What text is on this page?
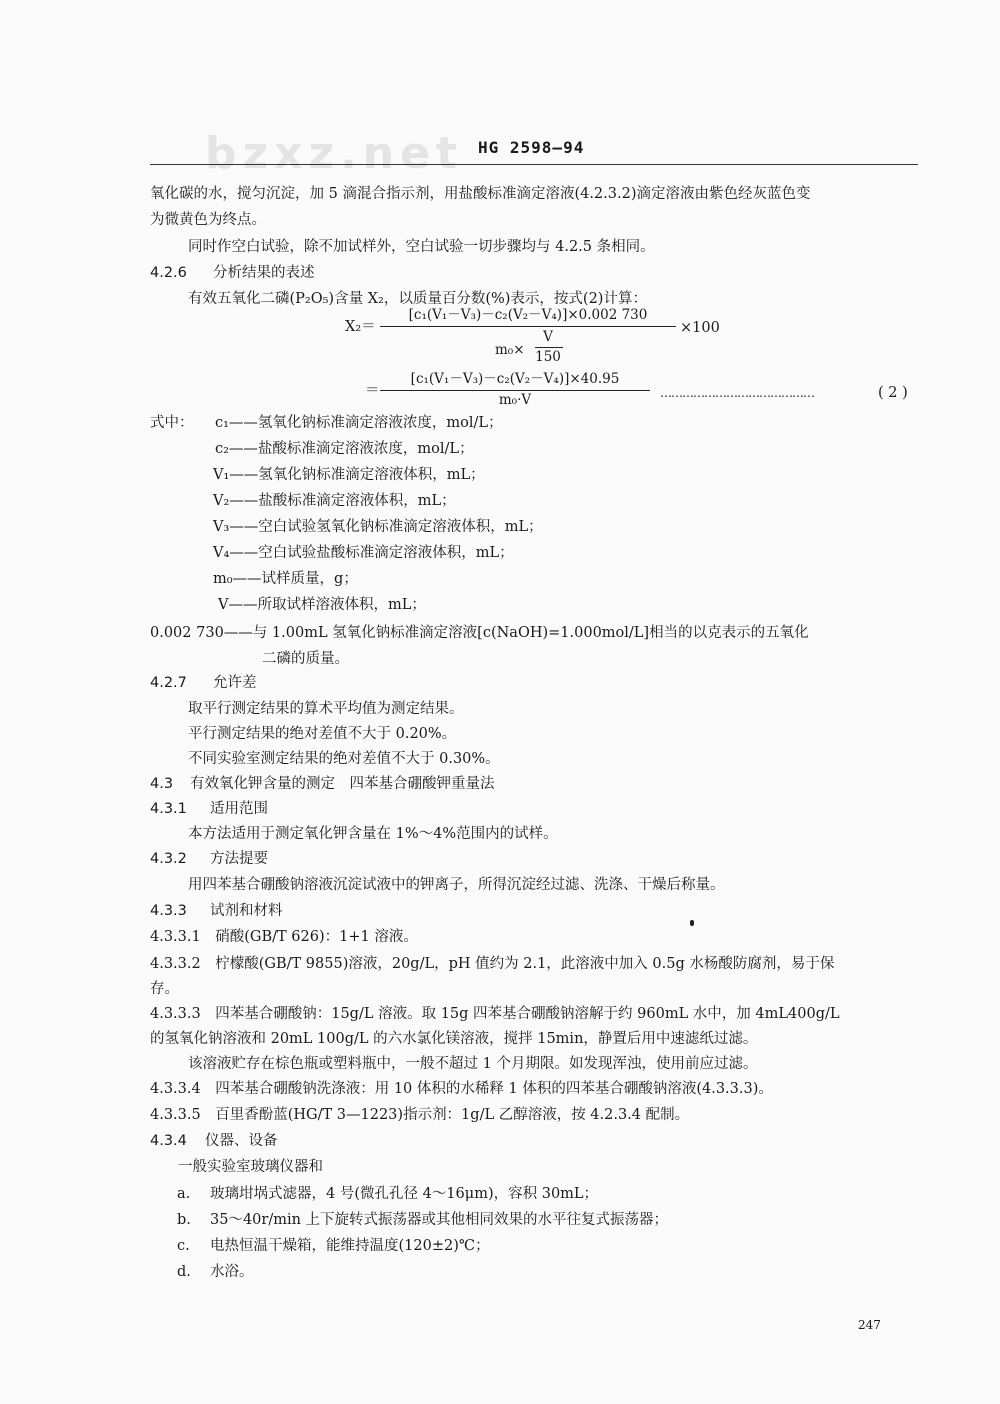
bzxz.net HG 2598—94
氧化碳的水，搅匀沉淀，加 5 滴混合指示剂，用盐酸标准滴定溶液(4.2.3.2)滴定溶液由紫色经灰蓝色变
为微黄色为终点。
同时作空白试验，除不加试样外，空白试验一切步骤均与 4.2.5 条相同。
4.2.6 分析结果的表述
有效五氧化二磷(P₂O₅)含量 X₂，以质量百分数(%)表示，按式(2)计算：
X₂＝
[c₁(V₁－V₃)－c₂(V₂－V₄)]×0.002 730
×100
m₀×
V
150
＝
[c₁(V₁－V₃)－c₂(V₂－V₄)]×40.95
m₀·V	……………………………………	( 2 )
式中： c₁——氢氧化钠标准滴定溶液浓度，mol/L；
c₂——盐酸标准滴定溶液浓度，mol/L；
V₁——氢氧化钠标准滴定溶液体积，mL；
V₂——盐酸标准滴定溶液体积，mL；
V₃——空白试验氢氧化钠标准滴定溶液体积，mL；
V₄——空白试验盐酸标准滴定溶液体积，mL；
m₀——试样质量，g；
V——所取试样溶液体积，mL；
0.002 730——与 1.00mL 氢氧化钠标准滴定溶液[c(NaOH)=1.000mol/L]相当的以克表示的五氧化
二磷的质量。
4.2.7 允许差
取平行测定结果的算术平均值为测定结果。
平行测定结果的绝对差值不大于 0.20%。
不同实验室测定结果的绝对差值不大于 0.30%。
4.3 有效氧化钾含量的测定　四苯基合硼酸钾重量法
4.3.1 适用范围
本方法适用于测定氧化钾含量在 1%～4%范围内的试样。
4.3.2 方法提要
用四苯基合硼酸钠溶液沉淀试液中的钾离子，所得沉淀经过滤、洗涤、干燥后称量。
4.3.3 试剂和材料
4.3.3.1　硝酸(GB/T 626)：1+1 溶液。
4.3.3.2　柠檬酸(GB/T 9855)溶液，20g/L，pH 值约为 2.1，此溶液中加入 0.5g 水杨酸防腐剂，易于保
存。
4.3.3.3　四苯基合硼酸钠：15g/L 溶液。取 15g 四苯基合硼酸钠溶解于约 960mL 水中，加 4mL400g/L
的氢氧化钠溶液和 20mL 100g/L 的六水氯化镁溶液，搅拌 15min，静置后用中速滤纸过滤。
该溶液贮存在棕色瓶或塑料瓶中，一般不超过 1 个月期限。如发现浑浊，使用前应过滤。
4.3.3.4　四苯基合硼酸钠洗涤液：用 10 体积的水稀释 1 体积的四苯基合硼酸钠溶液(4.3.3.3)。
4.3.3.5　百里香酚蓝(HG/T 3—1223)指示剂：1g/L 乙醇溶液，按 4.2.3.4 配制。
4.3.4 仪器、设备
一般实验室玻璃仪器和
a. 玻璃坩埚式滤器，4 号(微孔孔径 4～16μm)，容积 30mL；
b. 35～40r/min 上下旋转式振荡器或其他相同效果的水平往复式振荡器；
c. 电热恒温干燥箱，能维持温度(120±2)℃；
d. 水浴。
247
